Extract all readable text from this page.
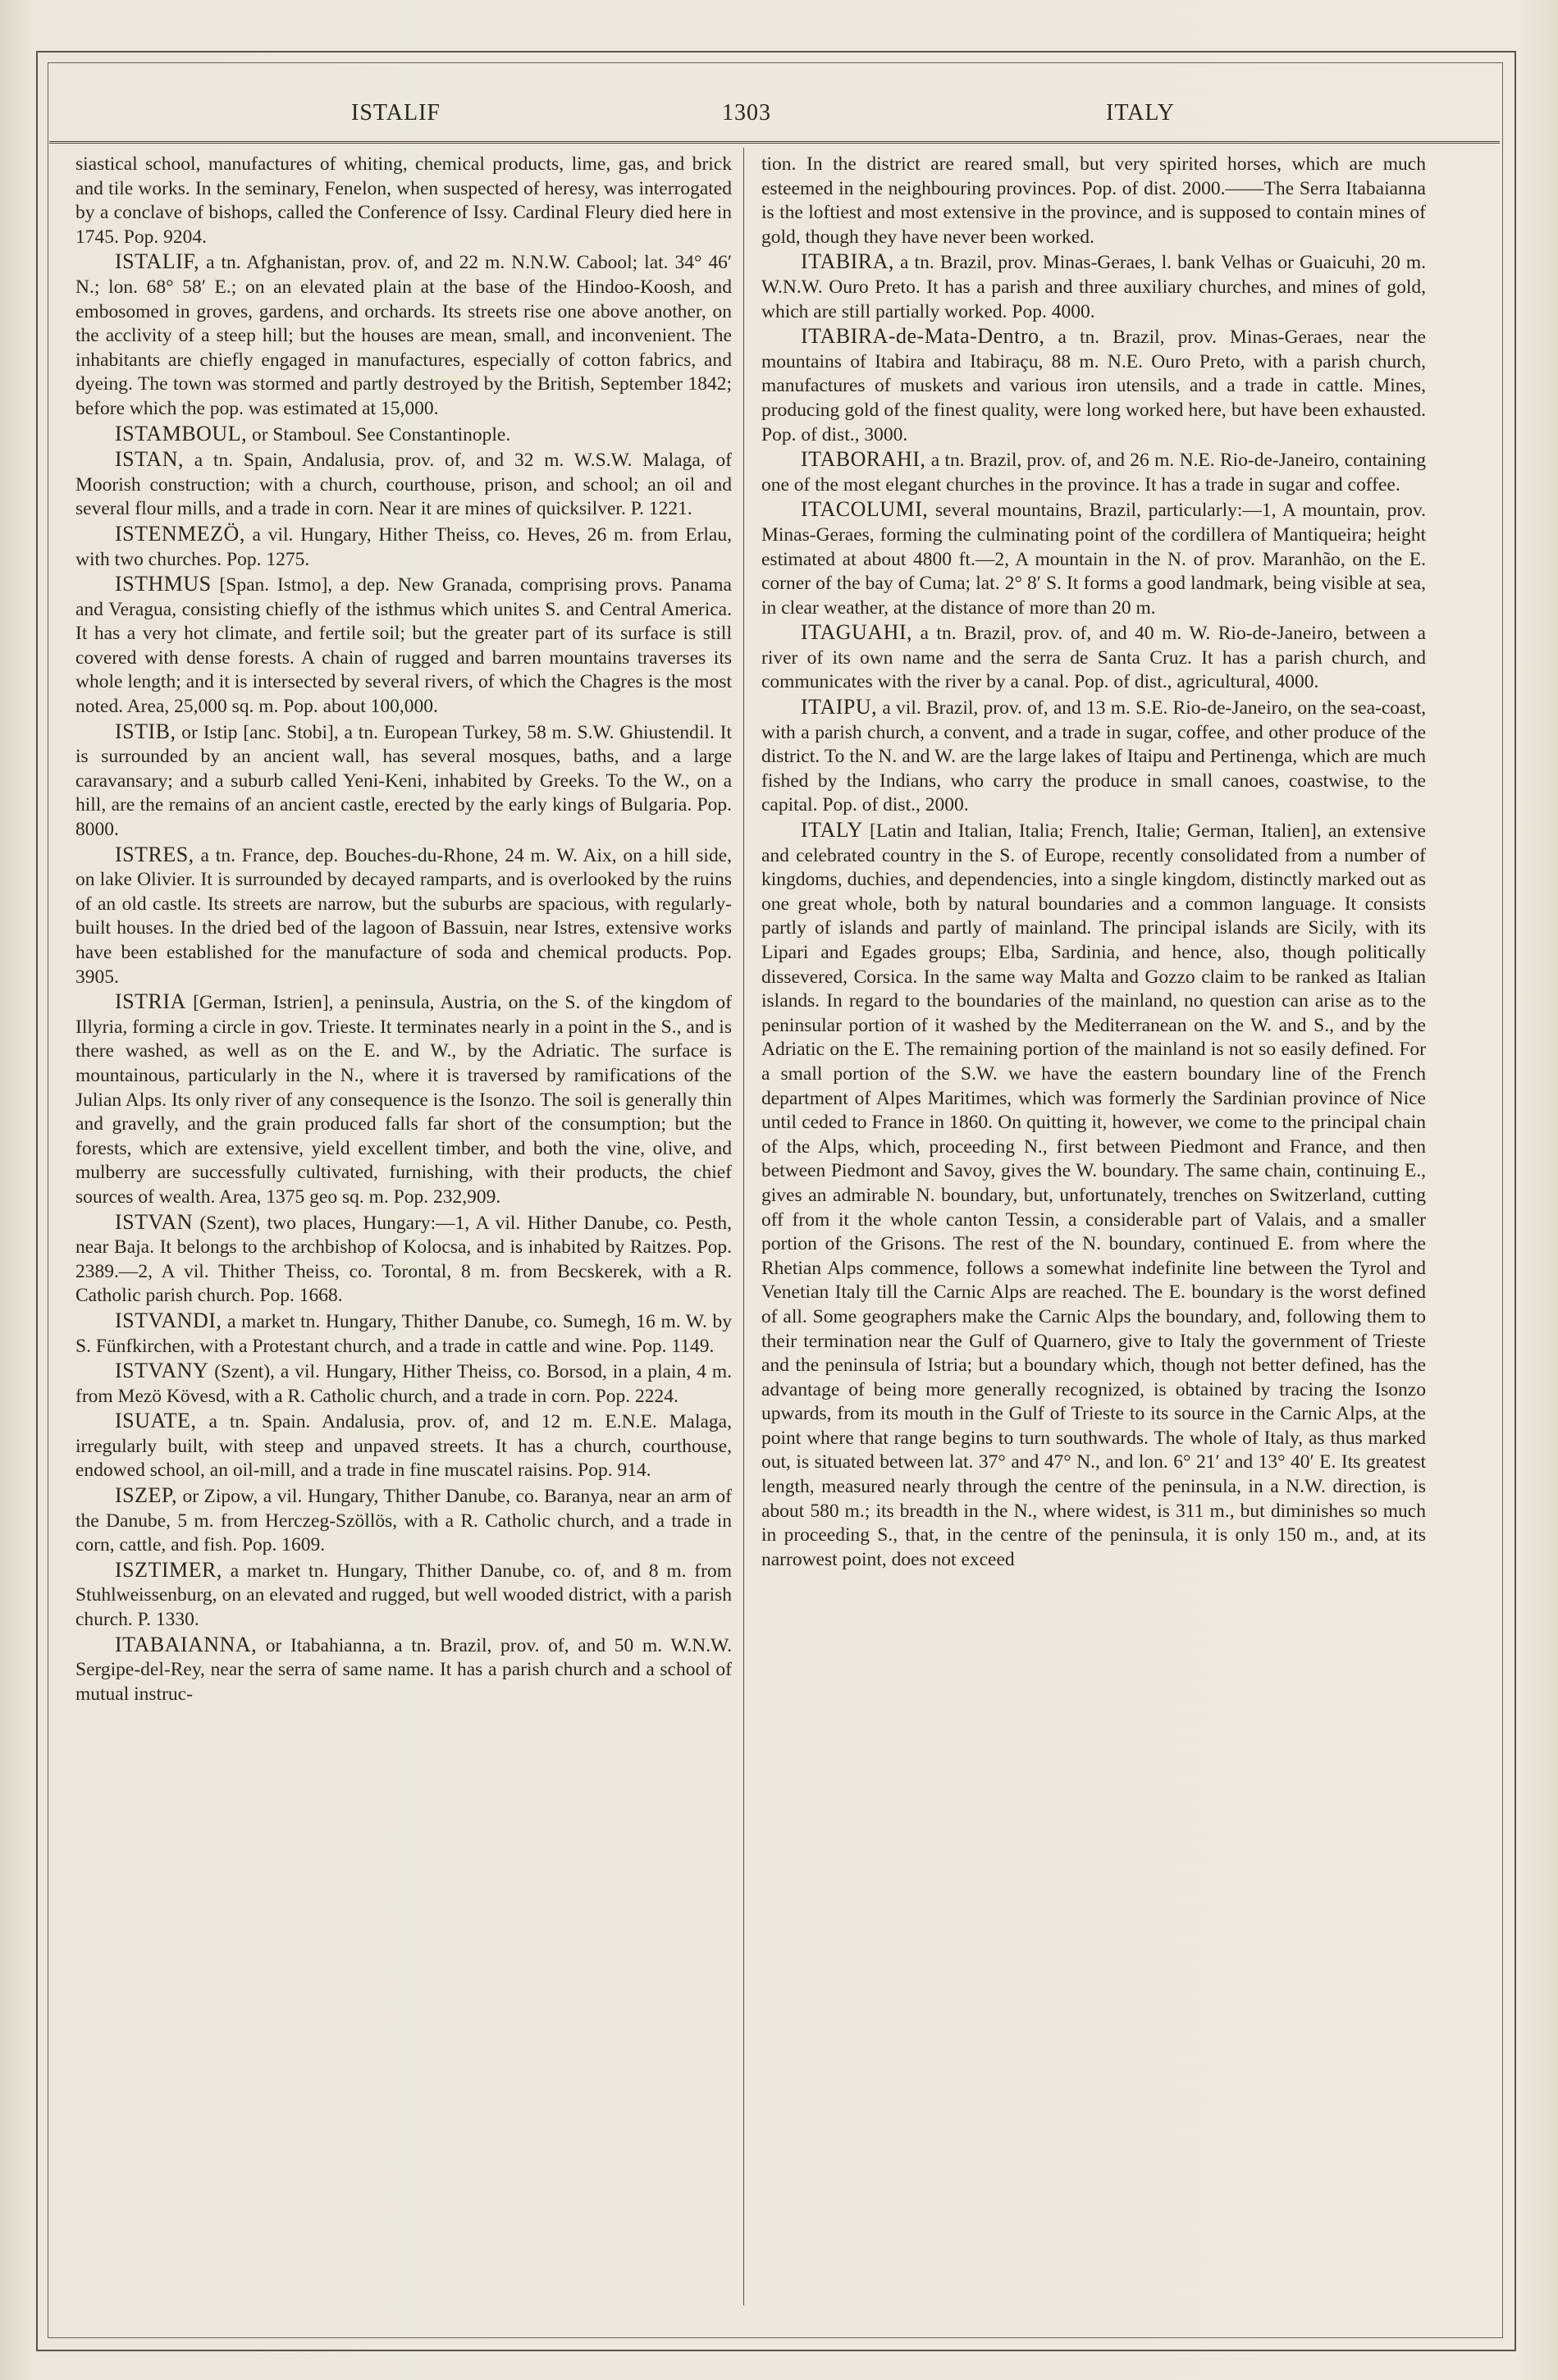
ISTALIF	1303	ITALY

siastical school, manufactures of whiting, chemical products, lime, gas, and brick and tile works. In the seminary, Fenelon, when suspected of heresy, was interrogated by a conclave of bishops, called the Conference of Issy. Cardinal Fleury died here in 1745. Pop. 9204.

ISTALIF, a tn. Afghanistan, prov. of, and 22 m. N.N.W. Cabool; lat. 34° 46′ N.; lon. 68° 58′ E.; on an elevated plain at the base of the Hindoo-Koosh, and embosomed in groves, gardens, and orchards. Its streets rise one above another, on the acclivity of a steep hill; but the houses are mean, small, and inconvenient. The inhabitants are chiefly engaged in manufactures, especially of cotton fabrics, and dyeing. The town was stormed and partly destroyed by the British, September 1842; before which the pop. was estimated at 15,000.

ISTAMBOUL, or Stamboul. See Constantinople.

ISTAN, a tn. Spain, Andalusia, prov. of, and 32 m. W.S.W. Malaga, of Moorish construction; with a church, courthouse, prison, and school; an oil and several flour mills, and a trade in corn. Near it are mines of quicksilver. P. 1221.

ISTENMEZÖ, a vil. Hungary, Hither Theiss, co. Heves, 26 m. from Erlau, with two churches. Pop. 1275.

ISTHMUS [Span. Istmo], a dep. New Granada, comprising provs. Panama and Veragua, consisting chiefly of the isthmus which unites S. and Central America. It has a very hot climate, and fertile soil; but the greater part of its surface is still covered with dense forests. A chain of rugged and barren mountains traverses its whole length; and it is intersected by several rivers, of which the Chagres is the most noted. Area, 25,000 sq. m. Pop. about 100,000.

ISTIB, or Istip [anc. Stobi], a tn. European Turkey, 58 m. S.W. Ghiustendil. It is surrounded by an ancient wall, has several mosques, baths, and a large caravansary; and a suburb called Yeni-Keni, inhabited by Greeks. To the W., on a hill, are the remains of an ancient castle, erected by the early kings of Bulgaria. Pop. 8000.

ISTRES, a tn. France, dep. Bouches-du-Rhone, 24 m. W. Aix, on a hill side, on lake Olivier. It is surrounded by decayed ramparts, and is overlooked by the ruins of an old castle. Its streets are narrow, but the suburbs are spacious, with regularly-built houses. In the dried bed of the lagoon of Bassuin, near Istres, extensive works have been established for the manufacture of soda and chemical products. Pop. 3905.

ISTRIA [German, Istrien], a peninsula, Austria, on the S. of the kingdom of Illyria, forming a circle in gov. Trieste. It terminates nearly in a point in the S., and is there washed, as well as on the E. and W., by the Adriatic. The surface is mountainous, particularly in the N., where it is traversed by ramifications of the Julian Alps. Its only river of any consequence is the Isonzo. The soil is generally thin and gravelly, and the grain produced falls far short of the consumption; but the forests, which are extensive, yield excellent timber, and both the vine, olive, and mulberry are successfully cultivated, furnishing, with their products, the chief sources of wealth. Area, 1375 geo sq. m. Pop. 232,909.

ISTVAN (Szent), two places, Hungary:—1, A vil. Hither Danube, co. Pesth, near Baja. It belongs to the archbishop of Kolocsa, and is inhabited by Raitzes. Pop. 2389.—2, A vil. Thither Theiss, co. Torontal, 8 m. from Becskerek, with a R. Catholic parish church. Pop. 1668.

ISTVANDI, a market tn. Hungary, Thither Danube, co. Sumegh, 16 m. W. by S. Fünfkirchen, with a Protestant church, and a trade in cattle and wine. Pop. 1149.

ISTVANY (Szent), a vil. Hungary, Hither Theiss, co. Borsod, in a plain, 4 m. from Mezö Kövesd, with a R. Catholic church, and a trade in corn. Pop. 2224.

ISUATE, a tn. Spain. Andalusia, prov. of, and 12 m. E.N.E. Malaga, irregularly built, with steep and unpaved streets. It has a church, courthouse, endowed school, an oil-mill, and a trade in fine muscatel raisins. Pop. 914.

ISZEP, or Zipow, a vil. Hungary, Thither Danube, co. Baranya, near an arm of the Danube, 5 m. from Herczeg-Szöllös, with a R. Catholic church, and a trade in corn, cattle, and fish. Pop. 1609.

ISZTIMER, a market tn. Hungary, Thither Danube, co. of, and 8 m. from Stuhlweissenburg, on an elevated and rugged, but well wooded district, with a parish church. P. 1330.

ITABAIANNA, or Itabahianna, a tn. Brazil, prov. of, and 50 m. W.N.W. Sergipe-del-Rey, near the serra of same name. It has a parish church and a school of mutual instruc-

tion. In the district are reared small, but very spirited horses, which are much esteemed in the neighbouring provinces. Pop. of dist. 2000.——The Serra Itabaianna is the loftiest and most extensive in the province, and is supposed to contain mines of gold, though they have never been worked.

ITABIRA, a tn. Brazil, prov. Minas-Geraes, l. bank Velhas or Guaicuhi, 20 m. W.N.W. Ouro Preto. It has a parish and three auxiliary churches, and mines of gold, which are still partially worked. Pop. 4000.

ITABIRA-de-Mata-Dentro, a tn. Brazil, prov. Minas-Geraes, near the mountains of Itabira and Itabiraçu, 88 m. N.E. Ouro Preto, with a parish church, manufactures of muskets and various iron utensils, and a trade in cattle. Mines, producing gold of the finest quality, were long worked here, but have been exhausted. Pop. of dist., 3000.

ITABORAHI, a tn. Brazil, prov. of, and 26 m. N.E. Rio-de-Janeiro, containing one of the most elegant churches in the province. It has a trade in sugar and coffee.

ITACOLUMI, several mountains, Brazil, particularly:—1, A mountain, prov. Minas-Geraes, forming the culminating point of the cordillera of Mantiqueira; height estimated at about 4800 ft.—2, A mountain in the N. of prov. Maranhão, on the E. corner of the bay of Cuma; lat. 2° 8′ S. It forms a good landmark, being visible at sea, in clear weather, at the distance of more than 20 m.

ITAGUAHI, a tn. Brazil, prov. of, and 40 m. W. Rio-de-Janeiro, between a river of its own name and the serra de Santa Cruz. It has a parish church, and communicates with the river by a canal. Pop. of dist., agricultural, 4000.

ITAIPU, a vil. Brazil, prov. of, and 13 m. S.E. Rio-de-Janeiro, on the sea-coast, with a parish church, a convent, and a trade in sugar, coffee, and other produce of the district. To the N. and W. are the large lakes of Itaipu and Pertinenga, which are much fished by the Indians, who carry the produce in small canoes, coastwise, to the capital. Pop. of dist., 2000.

ITALY [Latin and Italian, Italia; French, Italie; German, Italien], an extensive and celebrated country in the S. of Europe, recently consolidated from a number of kingdoms, duchies, and dependencies, into a single kingdom, distinctly marked out as one great whole, both by natural boundaries and a common language. It consists partly of islands and partly of mainland. The principal islands are Sicily, with its Lipari and Egades groups; Elba, Sardinia, and hence, also, though politically dissevered, Corsica. In the same way Malta and Gozzo claim to be ranked as Italian islands. In regard to the boundaries of the mainland, no question can arise as to the peninsular portion of it washed by the Mediterranean on the W. and S., and by the Adriatic on the E. The remaining portion of the mainland is not so easily defined. For a small portion of the S.W. we have the eastern boundary line of the French department of Alpes Maritimes, which was formerly the Sardinian province of Nice until ceded to France in 1860. On quitting it, however, we come to the principal chain of the Alps, which, proceeding N., first between Piedmont and France, and then between Piedmont and Savoy, gives the W. boundary. The same chain, continuing E., gives an admirable N. boundary, but, unfortunately, trenches on Switzerland, cutting off from it the whole canton Tessin, a considerable part of Valais, and a smaller portion of the Grisons. The rest of the N. boundary, continued E. from where the Rhetian Alps commence, follows a somewhat indefinite line between the Tyrol and Venetian Italy till the Carnic Alps are reached. The E. boundary is the worst defined of all. Some geographers make the Carnic Alps the boundary, and, following them to their termination near the Gulf of Quarnero, give to Italy the government of Trieste and the peninsula of Istria; but a boundary which, though not better defined, has the advantage of being more generally recognized, is obtained by tracing the Isonzo upwards, from its mouth in the Gulf of Trieste to its source in the Carnic Alps, at the point where that range begins to turn southwards. The whole of Italy, as thus marked out, is situated between lat. 37° and 47° N., and lon. 6° 21′ and 13° 40′ E. Its greatest length, measured nearly through the centre of the peninsula, in a N.W. direction, is about 580 m.; its breadth in the N., where widest, is 311 m., but diminishes so much in proceeding S., that, in the centre of the peninsula, it is only 150 m., and, at its narrowest point, does not exceed
